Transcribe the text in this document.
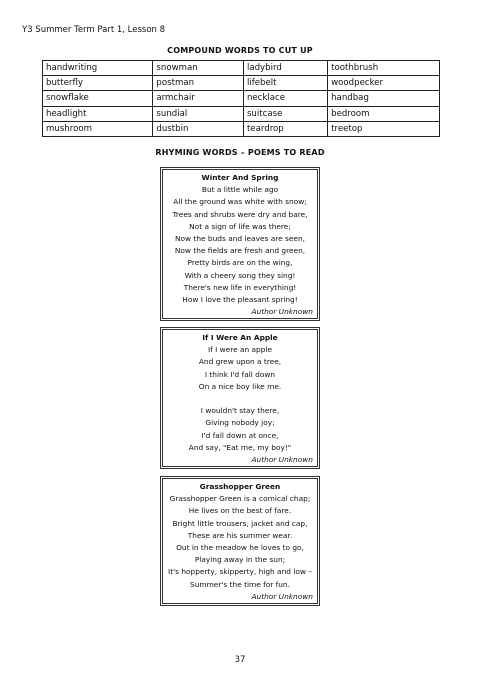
Y3 Summer Term Part 1, Lesson 8
COMPOUND WORDS TO CUT UP
handwriting	snowman	ladybird	toothbrush
butterfly	postman	lifebelt	woodpecker
snowflake	armchair	necklace	handbag
headlight	sundial	suitcase	bedroom
mushroom	dustbin	teardrop	treetop
RHYMING WORDS – POEMS TO READ
Winter And Spring
But a little while ago
All the ground was white with snow;
Trees and shrubs were dry and bare,
Not a sign of life was there;
Now the buds and leaves are seen,
Now the fields are fresh and green,
Pretty birds are on the wing,
With a cheery song they sing!
There's new life in everything!
How I love the pleasant spring!
Author Unknown
If I Were An Apple
If I were an apple
And grew upon a tree,
I think I'd fall down
On a nice boy like me.
I wouldn't stay there,
Giving nobody joy;
I'd fall down at once,
And say, "Eat me, my boy!"
Author Unknown
Grasshopper Green
Grasshopper Green is a comical chap;
He lives on the best of fare.
Bright little trousers, jacket and cap,
These are his summer wear.
Out in the meadow he loves to go,
Playing away in the sun;
It's hopperty, skipperty, high and low –
Summer's the time for fun.
Author Unknown
37
